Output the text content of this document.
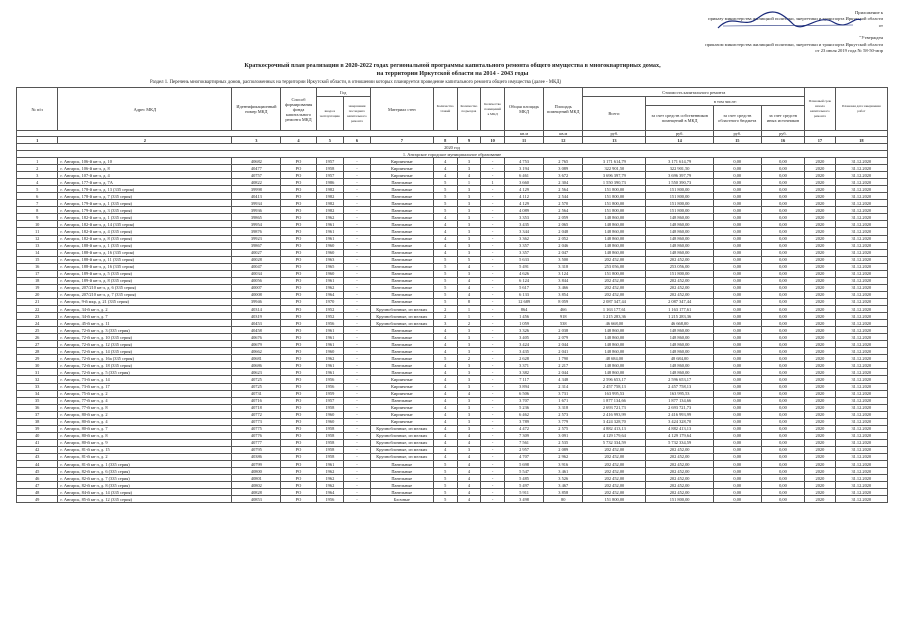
Приложение к
приказу министерства жилищной политики, энергетики и транспорта Иркутской области
от
"Утвержден
приказом министерства жилищной политики, энергетики и транспорта Иркутской области
от 23 июля 2019 года № 58-50-мпр
Краткосрочный план реализации в 2020-2022 годах региональной программы капитального ремонта общего имущества в многоквартирных домах,
на территории Иркутской области на 2014 - 2043 годы
Раздел 1. Перечень многоквартирных домов, расположенных на территории Иркутской области, в отношении которых планируется проведение капитального ремонта общего имущества (далее - МКД)
№ п/п	Адрес МКД	Идентификационный номер МКД	Способ формирования фонда капитального ремонта МКД	Год		Материал стен	Количество этажей	Количество подъездов	Количество помещений в МКД	Общая площадь МКД	Площадь помещений МКД	Стоимость капитального ремонта				Плановый срок начала капитального ремонта	Плановая дата завершения работ
				ввода в эксплуатацию	завершения последнего капитального ремонта							Всего:	в том числе:				
													за счет средств собственников помещений в МКД	за счет средств областного бюджета	за счет средств иных источников		
										кв.м	кв.м	руб.	руб.	руб.	руб.		
1	2	3	4	5	6	7	8	9	10	11	12	13	14	15	16	17	18
2020 год																	
1. Ангарское городское муниципальное образование																	
1	г. Ангарск, 106-й кв-л, д. 10	40682	РО	1957	-	Кирпичные	4	3	-	4 753	2 765	3 171 614,79	3 171 614,79	0,00	0,00	2020	31.12.2020
2	г. Ангарск, 106-й кв-л, д. 8	40477	РО	1958	-	Кирпичные	4	3	-	3 194	3 089	322 901,50	322 901,50	0,00	0,00	2020	31.12.2020
3	г. Ангарск, 107-й кв-л, д. 4	40757	РО	1957	-	Кирпичные	4	4	-	6 461	3 672	3 696 397,79	3 696 397,79	0,00	0,00	2020	31.12.2020
4	г. Ангарск, 177-й кв-л, д. 7А	40822	РО	1986	-	Панельные	5	1	1	3 660	2 304	1 550 390,73	1 550 390,73	0,00	0,00	2020	31.12.2020
5	г. Ангарск, 178-й кв-л, д. 13 (335 серия)	39998	РО	1982	-	Панельные	5	3	-	4 129	2 564	151 800,00	151 800,00	0,00	0,00	2020	31.12.2020
6	г. Ангарск, 178-й кв-л, д. 7 (335 серия)	40413	РО	1982	-	Панельные	5	3	-	4 112	2 544	151 800,00	151 800,00	0,00	0,00	2020	31.12.2020
7	г. Ангарск, 179-й кв-л, д. 1 (335 серия)	39934	РО	1982	-	Панельные	5	3	-	4 129	2 570	151 800,00	151 800,00	0,00	0,00	2020	31.12.2020
8	г. Ангарск, 179-й кв-л, д. 3 (335 серия)	39936	РО	1982	-	Панельные	5	3	-	4 089	2 564	151 800,00	151 800,00	0,00	0,00	2020	31.12.2020
9	г. Ангарск, 182-й кв-л, д. 1 (335 серия)	39865	РО	1962	-	Панельные	4	3	-	3 353	2 059	148 860,00	148 860,00	0,00	0,00	2020	31.12.2020
10	г. Ангарск, 182-й кв-л, д. 14 (335 серия)	39954	РО	1961	-	Панельные	4	3	-	3 435	2 065	148 860,00	148 860,00	0,00	0,00	2020	31.12.2020
11	г. Ангарск, 182-й кв-л, д. 4 (335 серия)	39876	РО	1961	-	Панельные	4	3	-	3 344	2 048	148 860,00	148 860,00	0,00	0,00	2020	31.12.2020
12	г. Ангарск, 182-й кв-л, д. 8 (335 серия)	39923	РО	1961	-	Панельные	4	3	-	3 362	2 052	148 860,00	148 860,00	0,00	0,00	2020	31.12.2020
13	г. Ангарск, 188-й кв-л, д. 1 (335 серия)	39867	РО	1960	-	Панельные	4	3	-	3 357	2 046	148 860,00	148 860,00	0,00	0,00	2020	31.12.2020
14	г. Ангарск, 188-й кв-л, д. 16 (335 серия)	40027	РО	1960	-	Панельные	4	3	-	3 357	2 047	148 860,00	148 860,00	0,00	0,00	2020	31.12.2020
15	г. Ангарск, 188-й кв-л, д. 11 (335 серия)	40028	РО	1963	-	Панельные	5	5	-	5 633	3 500	202 452,00	202 452,00	0,00	0,00	2020	31.12.2020
16	г. Ангарск, 188-й кв-л, д. 16 (335 серия)	40047	РО	1965	-	Панельные	5	4	-	5 491	3 318	253 056,00	253 056,00	0,00	0,00	2020	31.12.2020
17	г. Ангарск, 189-й кв-л, д. 5 (335 серия)	40034	РО	1960	-	Панельные	5	3	-	4 626	3 124	151 800,00	151 800,00	0,00	0,00	2020	31.12.2020
18	г. Ангарск, 189-й кв-л, д. 8 (335 серия)	40056	РО	1961	-	Панельные	5	4	-	6 124	3 844	202 452,00	202 452,00	0,00	0,00	2020	31.12.2020
19	г. Ангарск, 207/210 кв-л, д. 6 (335 серия)	40007	РО	1962	-	Панельные	5	4	-	5 617	3 466	202 452,00	202 452,00	0,00	0,00	2020	31.12.2020
20	г. Ангарск, 207/210 кв-л, д. 7 (335 серия)	40008	РО	1964	-	Панельные	5	4	-	6 133	3 854	202 452,00	202 452,00	0,00	0,00	2020	31.12.2020
21	г. Ангарск, 9-й мкр, д. 21 (335 серия)	39946	РО	1970	-	Панельные	5	8	-	12 689	8 059	2 087 347,44	2 087 347,44	0,00	0,00	2020	31.12.2020
22	г. Ангарск, 34-й кв-л, д. 2	40314	РО	1952	-	Крупноблочные, из мелких	2	1	-	864	466	1 163 177,61	1 163 177,61	0,00	0,00	2020	31.12.2020
23	г. Ангарск, 34-й кв-л, д. 7	40319	РО	1952	-	Крупноблочные, из мелких	2	1	-	1 456	918	1 215 283,36	1 215 283,36	0,00	0,00	2020	31.12.2020
24	г. Ангарск, 45-й кв-л, д. 11	40453	РО	1956	-	Крупноблочные, из мелких	3	2	-	1 059	538	46 668,00	46 668,00	0,00	0,00	2020	31.12.2020
25	г. Ангарск, 72-й кв-л, д. 3 (335 серия)	40458	РО	1961	-	Панельные	4	3	-	3 326	2 038	148 860,00	148 860,00	0,00	0,00	2020	31.12.2020
26	г. Ангарск, 72-й кв-л, д. 10 (335 серия)	40676	РО	1961	-	Панельные	4	3	-	3 405	2 079	148 860,00	148 860,00	0,00	0,00	2020	31.12.2020
27	г. Ангарск, 72-й кв-л, д. 12 (335 серия)	40679	РО	1961	-	Панельные	4	3	-	3 424	2 044	148 860,00	148 860,00	0,00	0,00	2020	31.12.2020
28	г. Ангарск, 72-й кв-л, д. 14 (335 серия)	40662	РО	1960	-	Панельные	4	3	-	3 435	2 041	148 860,00	148 860,00	0,00	0,00	2020	31.12.2020
29	г. Ангарск, 72-й кв-л, д. 16а (335 серия)	40681	РО	1962	-	Панельные	5	2	-	2 628	1 790	48 684,00	48 684,00	0,00	0,00	2020	31.12.2020
30	г. Ангарск, 72-й кв-л, д. 18 (335 серия)	40686	РО	1961	-	Панельные	4	3	-	3 371	2 217	148 860,00	148 860,00	0,00	0,00	2020	31.12.2020
31	г. Ангарск, 72-й кв-л, д. 5 (335 серия)	40623	РО	1961	-	Панельные	4	3	-	3 382	2 044	148 860,00	148 860,00	0,00	0,00	2020	31.12.2020
32	г. Ангарск, 73-й кв-л, д. 14	40725	РО	1956	-	Кирпичные	4	3	-	7 117	4 348	2 596 653,17	2 596 653,17	0,00	0,00	2020	31.12.2020
33	г. Ангарск, 73-й кв-л, д. 17	40725	РО	1956	-	Кирпичные	4	3	-	3 894	2 314	2 457 758,13	2 457 758,13	0,00	0,00	2020	31.12.2020
34	г. Ангарск, 75-й кв-л, д. 2	40731	РО	1959	-	Кирпичные	4	4	-	6 506	3 731	163 995,53	163 995,53	0,00	0,00	2020	31.12.2020
35	г. Ангарск, 77-й кв-л, д. 4	40716	РО	1957	-	Панельные	4	3	-	3 707	1 671	1 877 134,66	1 877 134,66	0,00	0,00	2020	31.12.2020
36	г. Ангарск, 77-й кв-л, д. 8	40718	РО	1958	-	Кирпичные	4	3	-	5 236	3 318	2 693 721,73	2 693 721,73	0,00	0,00	2020	31.12.2020
37	г. Ангарск, 80-й кв-л, д. 2	40772	РО	1960	-	Кирпичные	4	3	-	6 462	2 573	2 416 993,99	2 416 993,99	0,00	0,00	2020	31.12.2020
38	г. Ангарск, 80-й кв-л, д. 4	40773	РО	1960	-	Кирпичные	4	3	-	3 789	3 779	3 424 328,70	3 424 328,70	0,00	0,00	2020	31.12.2020
39	г. Ангарск, 80-й кв-л, д. 7	40775	РО	1958	-	Крупноблочные, из мелких	4	3	-	4 472	2 575	4 882 413,13	4 882 413,13	0,00	0,00	2020	31.12.2020
40	г. Ангарск, 80-й кв-л, д. 8	40776	РО	1958	-	Крупноблочные, из мелких	4	4	-	7 309	3 091	4 129 179,64	4 129 179,64	0,00	0,00	2020	31.12.2020
41	г. Ангарск, 80-й кв-л, д. 9	40777	РО	1958	-	Крупноблочные, из мелких	4	4	-	7 561	2 535	5 732 334,59	5 732 334,59	0,00	0,00	2020	31.12.2020
42	г. Ангарск, 81-й кв-л, д. 15	40795	РО	1958	-	Крупноблочные, из мелких	4	3	-	2 957	2 089	202 452,00	202 452,00	0,00	0,00	2020	31.12.2020
43	г. Ангарск, 81-й кв-л, д. 2	40386	РО	1958	-	Крупноблочные, из мелких	4	4	-	4 707	2 962	202 452,00	202 452,00	0,00	0,00	2020	31.12.2020
44	г. Ангарск, 81-й кв-л, д. 1 (335 серия)	40799	РО	1961	-	Панельные	5	4	-	5 698	3 916	202 452,00	202 452,00	0,00	0,00	2020	31.12.2020
45	г. Ангарск, 82-й кв-л, д. 6 (335 серия)	40800	РО	1962	-	Панельные	5	4	-	5 547	3 461	202 452,00	202 452,00	0,00	0,00	2020	31.12.2020
46	г. Ангарск, 82-й кв-л, д. 7 (335 серия)	40801	РО	1962	-	Панельные	5	4	-	5 485	3 526	202 452,00	202 452,00	0,00	0,00	2020	31.12.2020
47	г. Ангарск, 82-й кв-л, д. 8 (335 серия)	40802	РО	1962	-	Панельные	5	4	-	5 497	3 467	202 452,00	202 452,00	0,00	0,00	2020	31.12.2020
48	г. Ангарск, 84-й кв-л, д. 14 (335 серия)	40828	РО	1964	-	Панельные	5	4	-	5 911	3 858	202 452,00	202 452,00	0,00	0,00	2020	31.12.2020
49	г. Ангарск, 85-й кв-л, д. 12 (335 серия)	40853	РО	1956	-	Блочные	5	4	-	3 498	80	151 800,00	151 800,00	0,00	0,00	2020	31.12.2020
